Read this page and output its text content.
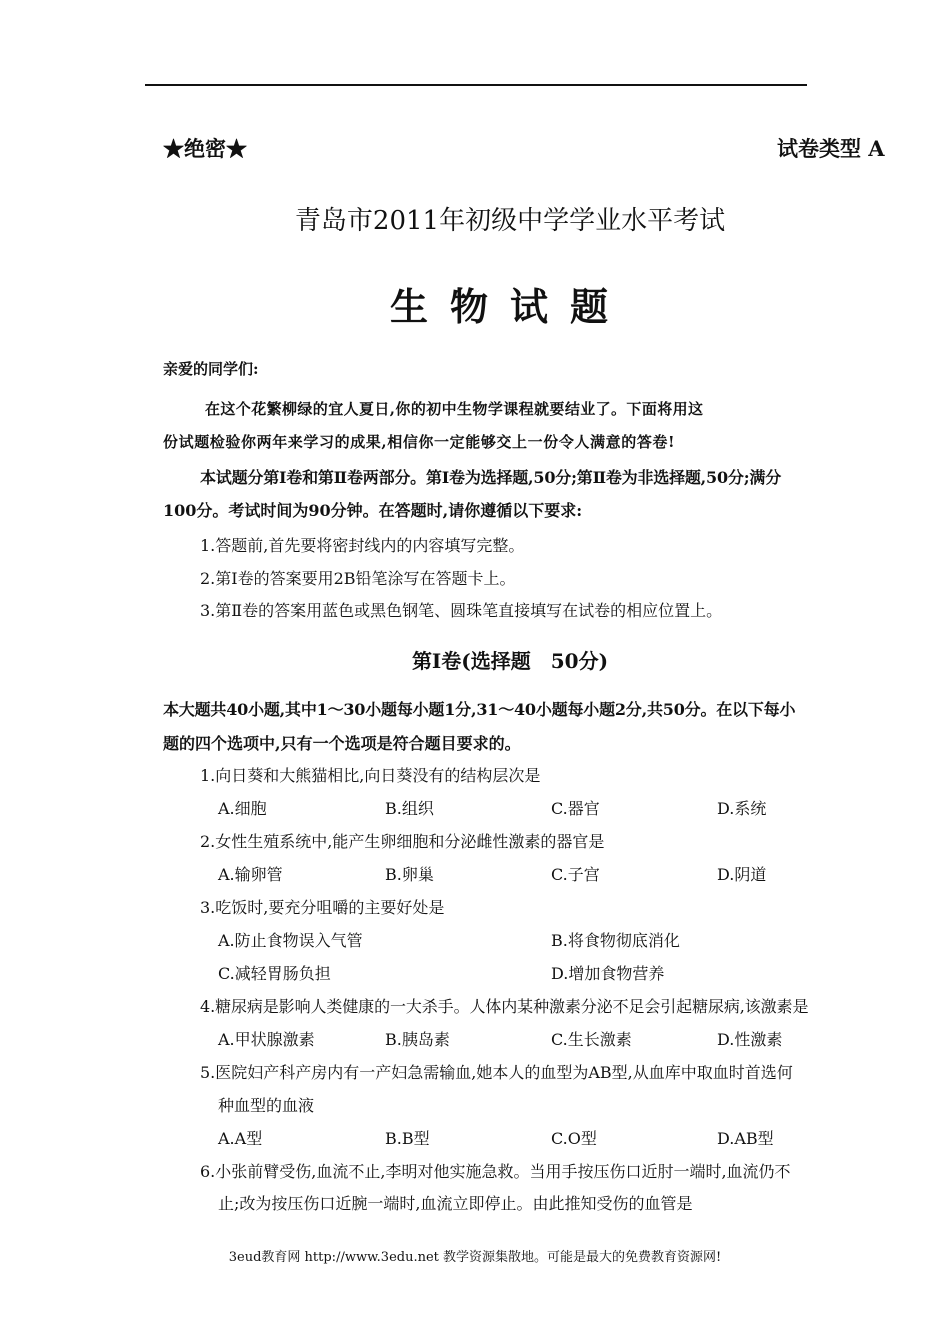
★绝密★	试卷类型 A
青岛市2011年初级中学学业水平考试
生物试题
亲爱的同学们:
在这个花繁柳绿的宜人夏日,你的初中生物学课程就要结业了。下面将用这
份试题检验你两年来学习的成果,相信你一定能够交上一份令人满意的答卷!
本试题分第Ⅰ卷和第Ⅱ卷两部分。第Ⅰ卷为选择题,50分;第Ⅱ卷为非选择题,50分;满分
100分。考试时间为90分钟。在答题时,请你遵循以下要求:
1.答题前,首先要将密封线内的内容填写完整。
2.第Ⅰ卷的答案要用2B铅笔涂写在答题卡上。
3.第Ⅱ卷的答案用蓝色或黑色钢笔、圆珠笔直接填写在试卷的相应位置上。
第Ⅰ卷(选择题　50分)
本大题共40小题,其中1～30小题每小题1分,31～40小题每小题2分,共50分。在以下每小
题的四个选项中,只有一个选项是符合题目要求的。
1.向日葵和大熊猫相比,向日葵没有的结构层次是
A.细胞	B.组织	C.器官	D.系统
2.女性生殖系统中,能产生卵细胞和分泌雌性激素的器官是
A.输卵管	B.卵巢	C.子宫	D.阴道
3.吃饭时,要充分咀嚼的主要好处是
A.防止食物误入气管	B.将食物彻底消化
C.减轻胃肠负担	D.增加食物营养
4.糖尿病是影响人类健康的一大杀手。人体内某种激素分泌不足会引起糖尿病,该激素是
A.甲状腺激素	B.胰岛素	C.生长激素	D.性激素
5.医院妇产科产房内有一产妇急需输血,她本人的血型为AB型,从血库中取血时首选何
种血型的血液
A.A型	B.B型	C.O型	D.AB型
6.小张前臂受伤,血流不止,李明对他实施急救。当用手按压伤口近肘一端时,血流仍不
止;改为按压伤口近腕一端时,血流立即停止。由此推知受伤的血管是
3eud教育网 http://www.3edu.net 教学资源集散地。可能是最大的免费教育资源网!
